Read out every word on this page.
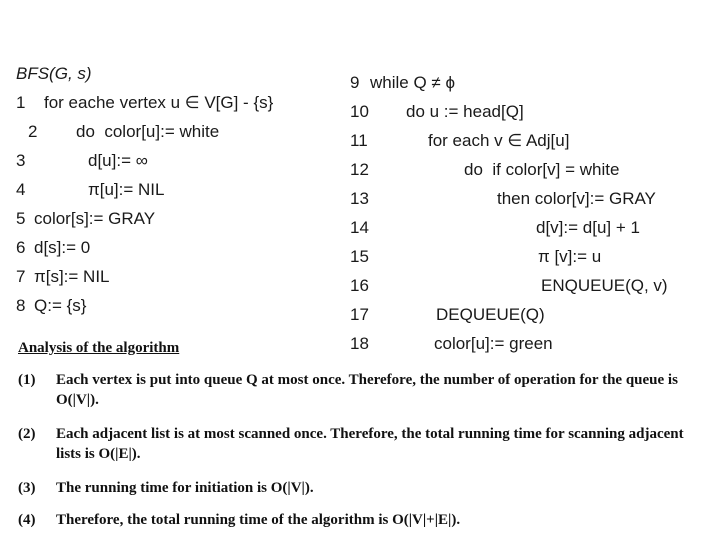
BFS(G, s)
1 for eache vertex u ∈ V[G] - {s}
2 do  color[u]:= white
3	d[u]:= ∞
4	π[u]:= NIL
5 color[s]:= GRAY
6 d[s]:= 0
7 π[s]:= NIL
8 Q:= {s}
9 while Q ≠ ϕ
10 do u := head[Q]
11	for each v ∈ Adj[u]
12	do  if color[v] = white
13	then color[v]:= GRAY
14	d[v]:= d[u] + 1
15	π [v]:= u
16	ENQUEUE(Q, v)
17	DEQUEUE(Q)
18	color[u]:= green
Analysis of the algorithm
(1) Each vertex is put into queue Q at most once. Therefore, the number of operation for the queue is O(|V|).
(2) Each adjacent list is at most scanned once. Therefore, the total running time for scanning adjacent lists is O(|E|).
(3) The running time for initiation is O(|V|).
(4) Therefore, the total running time of the algorithm is O(|V|+|E|).
